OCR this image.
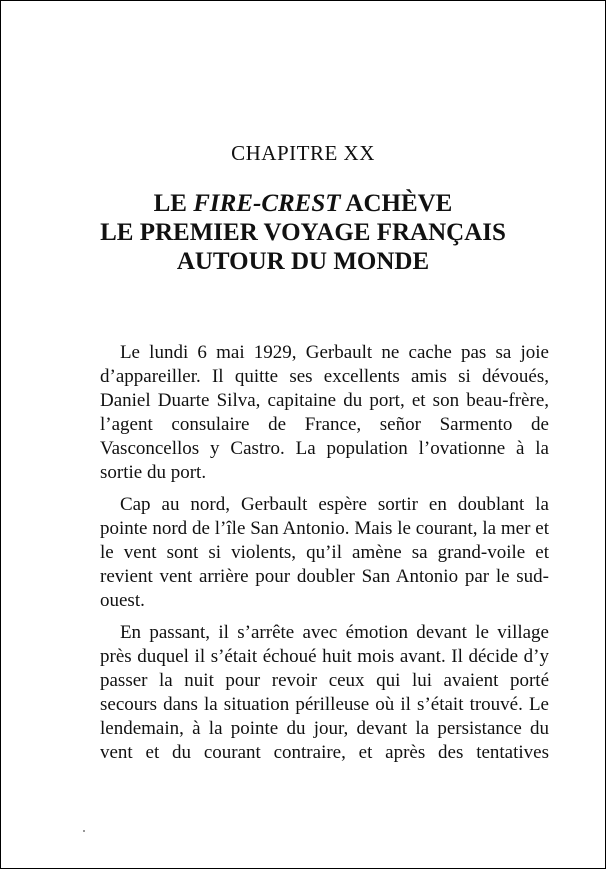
CHAPITRE XX
LE FIRE-CREST ACHÈVE
LE PREMIER VOYAGE FRANÇAIS
AUTOUR DU MONDE

Le lundi 6 mai 1929, Gerbault ne cache pas sa joie d’appareiller. Il quitte ses excellents amis si dévoués, Daniel Duarte Silva, capitaine du port, et son beau-frère, l’agent consulaire de France, señor Sarmento de Vasconcellos y Castro. La population l’ovationne à la sortie du port.

Cap au nord, Gerbault espère sortir en doublant la pointe nord de l’île San Antonio. Mais le courant, la mer et le vent sont si violents, qu’il amène sa grand-voile et revient vent arrière pour doubler San Antonio par le sud-ouest.

En passant, il s’arrête avec émotion devant le village près duquel il s’était échoué huit mois avant. Il décide d’y passer la nuit pour revoir ceux qui lui avaient porté secours dans la situation périlleuse où il s’était trouvé. Le lendemain, à la pointe du jour, devant la persistance du vent et du courant contraire, et après des tentatives
